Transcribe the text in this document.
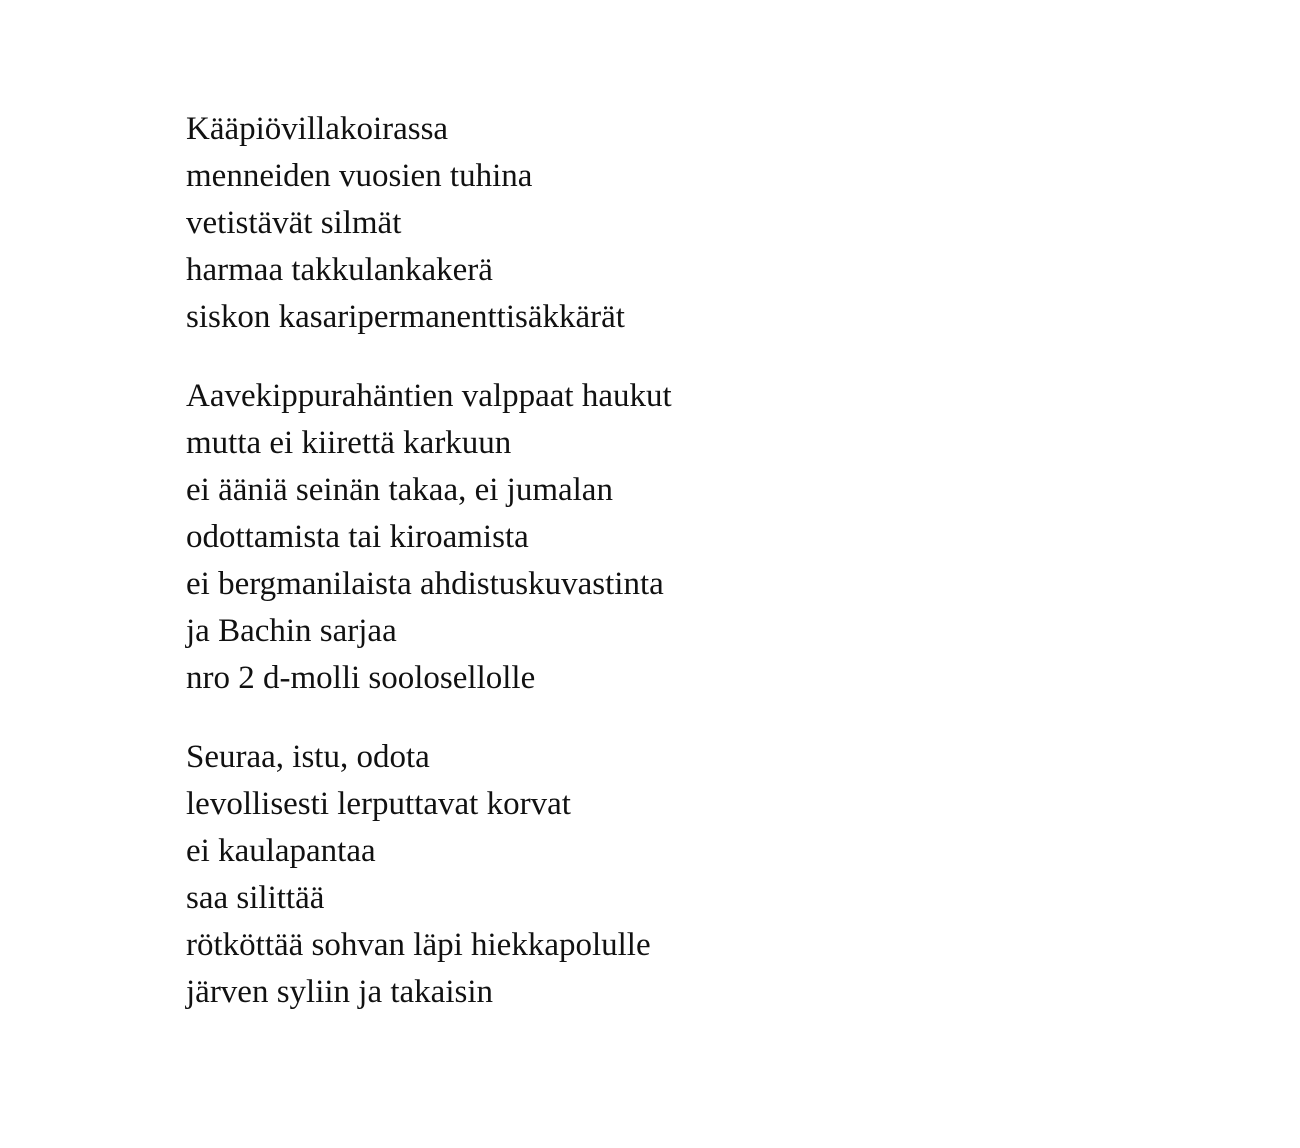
Kääpiövillakoirassa
menneiden vuosien tuhina
vetistävät silmät
harmaa takkulankakerä
siskon kasaripermanenttisäkkärät
Aavekippurahäntien valppaat haukut
mutta ei kiirettä karkuun
ei ääniä seinän takaa, ei jumalan
odottamista tai kiroamista
ei bergmanilaista ahdistuskuvastinta
ja Bachin sarjaa
nro 2 d-molli soolosellolle
Seuraa, istu, odota
levollisesti lerputtavat korvat
ei kaulapantaa
saa silittää
rötköttää sohvan läpi hiekkapolulle
järven syliin ja takaisin
